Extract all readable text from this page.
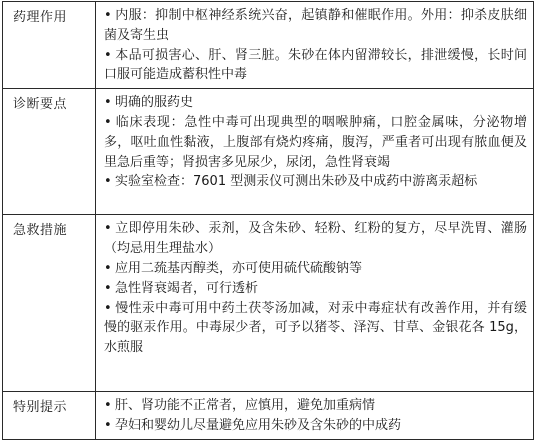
药理作用	• 内服：抑制中枢神经系统兴奋，起镇静和催眠作用。外用：抑杀皮肤细菌及寄生虫
• 本品可损害心、肝、肾三脏。朱砂在体内留滞较长，排泄缓慢，长时间口服可能造成蓄积性中毒

诊断要点	• 明确的服药史
• 临床表现：急性中毒可出现典型的咽喉肿痛，口腔金属味，分泌物增多，呕吐血性黏液，上腹部有烧灼疼痛，腹泻，严重者可出现有脓血便及里急后重等；肾损害多见尿少，尿闭，急性肾衰竭
• 实验室检查：7601 型测汞仪可测出朱砂及中成药中游离汞超标

急救措施	• 立即停用朱砂、汞剂，及含朱砂、轻粉、红粉的复方，尽早洗胃、灌肠（均忌用生理盐水）
• 应用二巯基丙醇类，亦可使用硫代硫酸钠等
• 急性肾衰竭者，可行透析
• 慢性汞中毒可用中药土茯苓汤加减，对汞中毒症状有改善作用，并有缓慢的驱汞作用。中毒尿少者，可予以猪苓、泽泻、甘草、金银花各 15g，水煎服

特别提示	• 肝、肾功能不正常者，应慎用，避免加重病情
• 孕妇和婴幼儿尽量避免应用朱砂及含朱砂的中成药
